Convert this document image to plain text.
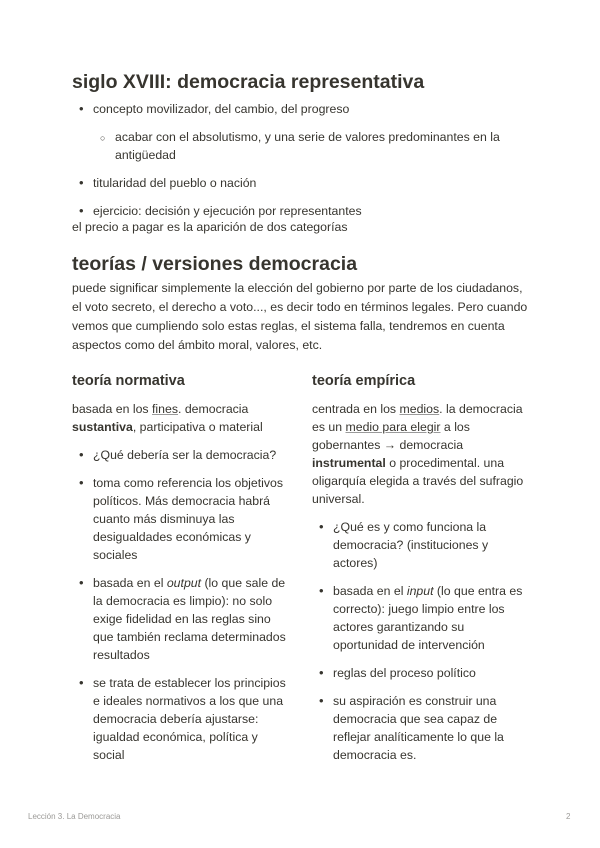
siglo XVIII: democracia representativa
• concepto movilizador, del cambio, del progreso
○ acabar con el absolutismo, y una serie de valores predominantes en la antigüedad
• titularidad del pueblo o nación
• ejercicio: decisión y ejecución por representantes
el precio a pagar es la aparición de dos categorías
teorías / versiones democracia
puede significar simplemente la elección del gobierno por parte de los ciudadanos, el voto secreto, el derecho a voto..., es decir todo en términos legales. Pero cuando vemos que cumpliendo solo estas reglas, el sistema falla, tendremos en cuenta aspectos como del ámbito moral, valores, etc.
teoría normativa

basada en los fines. democracia sustantiva, participativa o material

• ¿Qué debería ser la democracia?
• toma como referencia los objetivos políticos. Más democracia habrá cuanto más disminuya las desigualdades económicas y sociales
• basada en el output (lo que sale de la democracia es limpio): no solo exige fidelidad en las reglas sino que también reclama determinados resultados
• se trata de establecer los principios e ideales normativos a los que una democracia debería ajustarse: igualdad económica, política y social
teoría empírica

centrada en los medios. la democracia es un medio para elegir a los gobernantes → democracia instrumental o procedimental. una oligarquía elegida a través del sufragio universal.

• ¿Qué es y como funciona la democracia? (instituciones y actores)
• basada en el input (lo que entra es correcto): juego limpio entre los actores garantizando su oportunidad de intervención
• reglas del proceso político
• su aspiración es construir una democracia que sea capaz de reflejar analíticamente lo que la democracia es.
Lección 3. La Democracia	2
